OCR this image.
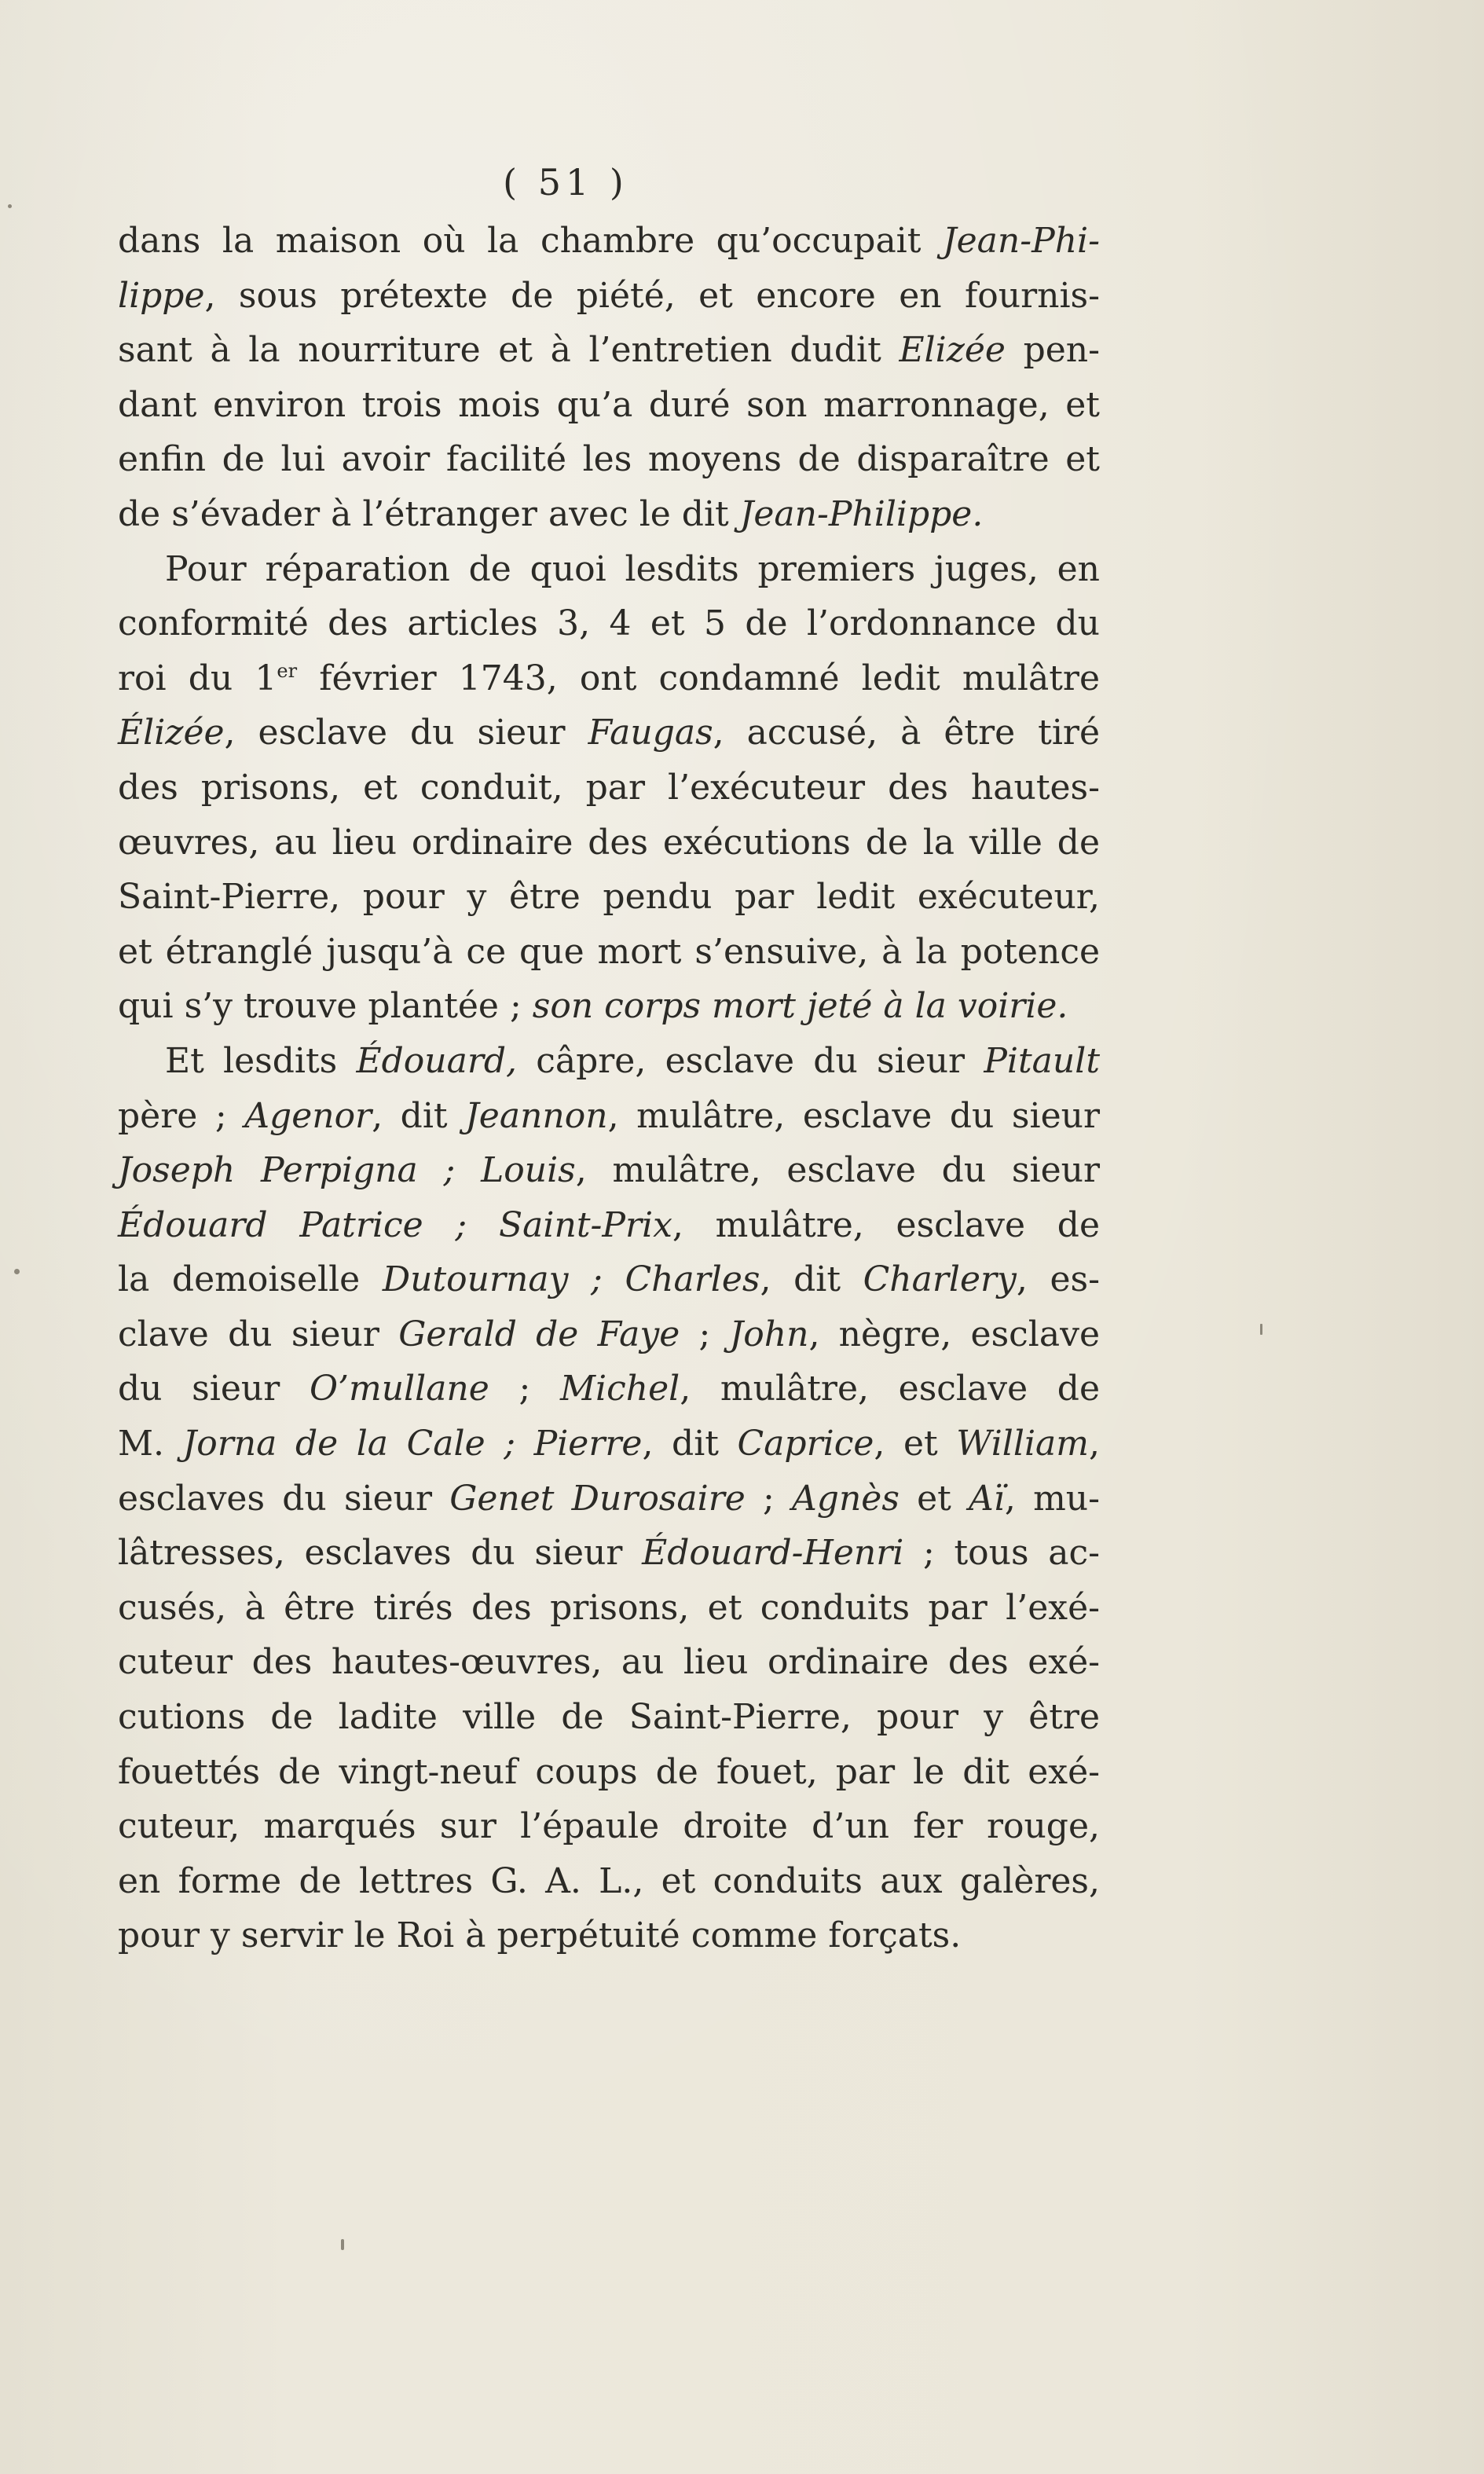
( 51 )
dans la maison où la chambre qu’occupait Jean-Phi-
lippe, sous prétexte de piété, et encore en fournis-
sant à la nourriture et à l’entretien dudit Elizée pen-
dant environ trois mois qu’a duré son marronnage, et
enfin de lui avoir facilité les moyens de disparaître et
de s’évader à l’étranger avec le dit Jean-Philippe.
Pour réparation de quoi lesdits premiers juges, en
conformité des articles 3, 4 et 5 de l’ordonnance du
roi du 1er février 1743, ont condamné ledit mulâtre
Élizée, esclave du sieur Faugas, accusé, à être tiré
des prisons, et conduit, par l’exécuteur des hautes-
œuvres, au lieu ordinaire des exécutions de la ville de
Saint-Pierre, pour y être pendu par ledit exécuteur,
et étranglé jusqu’à ce que mort s’ensuive, à la potence
qui s’y trouve plantée ; son corps mort jeté à la voirie.
Et lesdits Édouard, câpre, esclave du sieur Pitault
père ; Agenor, dit Jeannon, mulâtre, esclave du sieur
Joseph Perpigna ; Louis, mulâtre, esclave du sieur
Édouard Patrice ; Saint-Prix, mulâtre, esclave de
la demoiselle Dutournay ; Charles, dit Charlery, es-
clave du sieur Gerald de Faye ; John, nègre, esclave
du sieur O’mullane ; Michel, mulâtre, esclave de
M. Jorna de la Cale ; Pierre, dit Caprice, et William,
esclaves du sieur Genet Durosaire ; Agnès et Aï, mu-
lâtresses, esclaves du sieur Édouard-Henri ; tous ac-
cusés, à être tirés des prisons, et conduits par l’exé-
cuteur des hautes-œuvres, au lieu ordinaire des exé-
cutions de ladite ville de Saint-Pierre, pour y être
fouettés de vingt-neuf coups de fouet, par le dit exé-
cuteur, marqués sur l’épaule droite d’un fer rouge,
en forme de lettres G. A. L., et conduits aux galères,
pour y servir le Roi à perpétuité comme forçats.
